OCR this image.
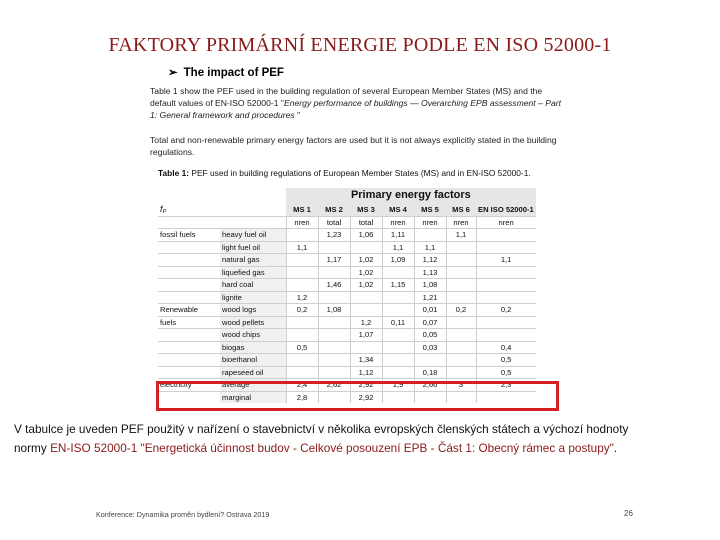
FAKTORY PRIMÁRNÍ ENERGIE PODLE EN ISO 52000-1
➢ The impact of PEF
Table 1 show the PEF used in the building regulation of several European Member States (MS) and the default values of EN-ISO 52000-1 "Energy performance of buildings — Overarching EPB assessment – Part 1: General framework and procedures "
Total and non-renewable primary energy factors are used but it is not always explicitly stated in the building regulations.
Table 1: PEF used in building regulations of European Member States (MS) and in EN-ISO 52000-1.
		Primary energy factors						
fₚ		MS 1	MS 2	MS 3	MS 4	MS 5	MS 6	EN ISO 52000-1
		nren	total	total	nren	nren	nren	nren
fossil fuels	heavy fuel oil		1,23	1,06	1,11		1,1	
	light fuel oil	1,1			1,1	1,1		
	natural gas		1,17	1,02	1,09	1,12		1,1
	liquefied gas			1,02		1,13		
	hard coal		1,46	1,02	1,15	1,08		
	lignite	1,2				1,21		
Renewable	wood logs	0,2	1,08			0,01	0,2	0,2
fuels	wood pellets			1,2	0,11	0,07		
	wood chips			1,07		0,05		
	biogas	0,5				0,03		0,4
	bioethanol			1,34				0,5
	rapeseed oil			1,12		0,18		0,5
electricity	average	2,4	2,62	2,92	1,9	2,66	3	2,3
	marginal	2,8		2,92				
V tabulce je uveden PEF použitý v nařízení o stavebnictví v několika evropských členských státech a výchozí hodnoty
normy EN-ISO 52000-1 "Energetická účinnost budov - Celkové posouzení EPB - Část 1: Obecný rámec a postupy".
Konference: Dynamika proměn bydlení? Ostrava 2019	26
